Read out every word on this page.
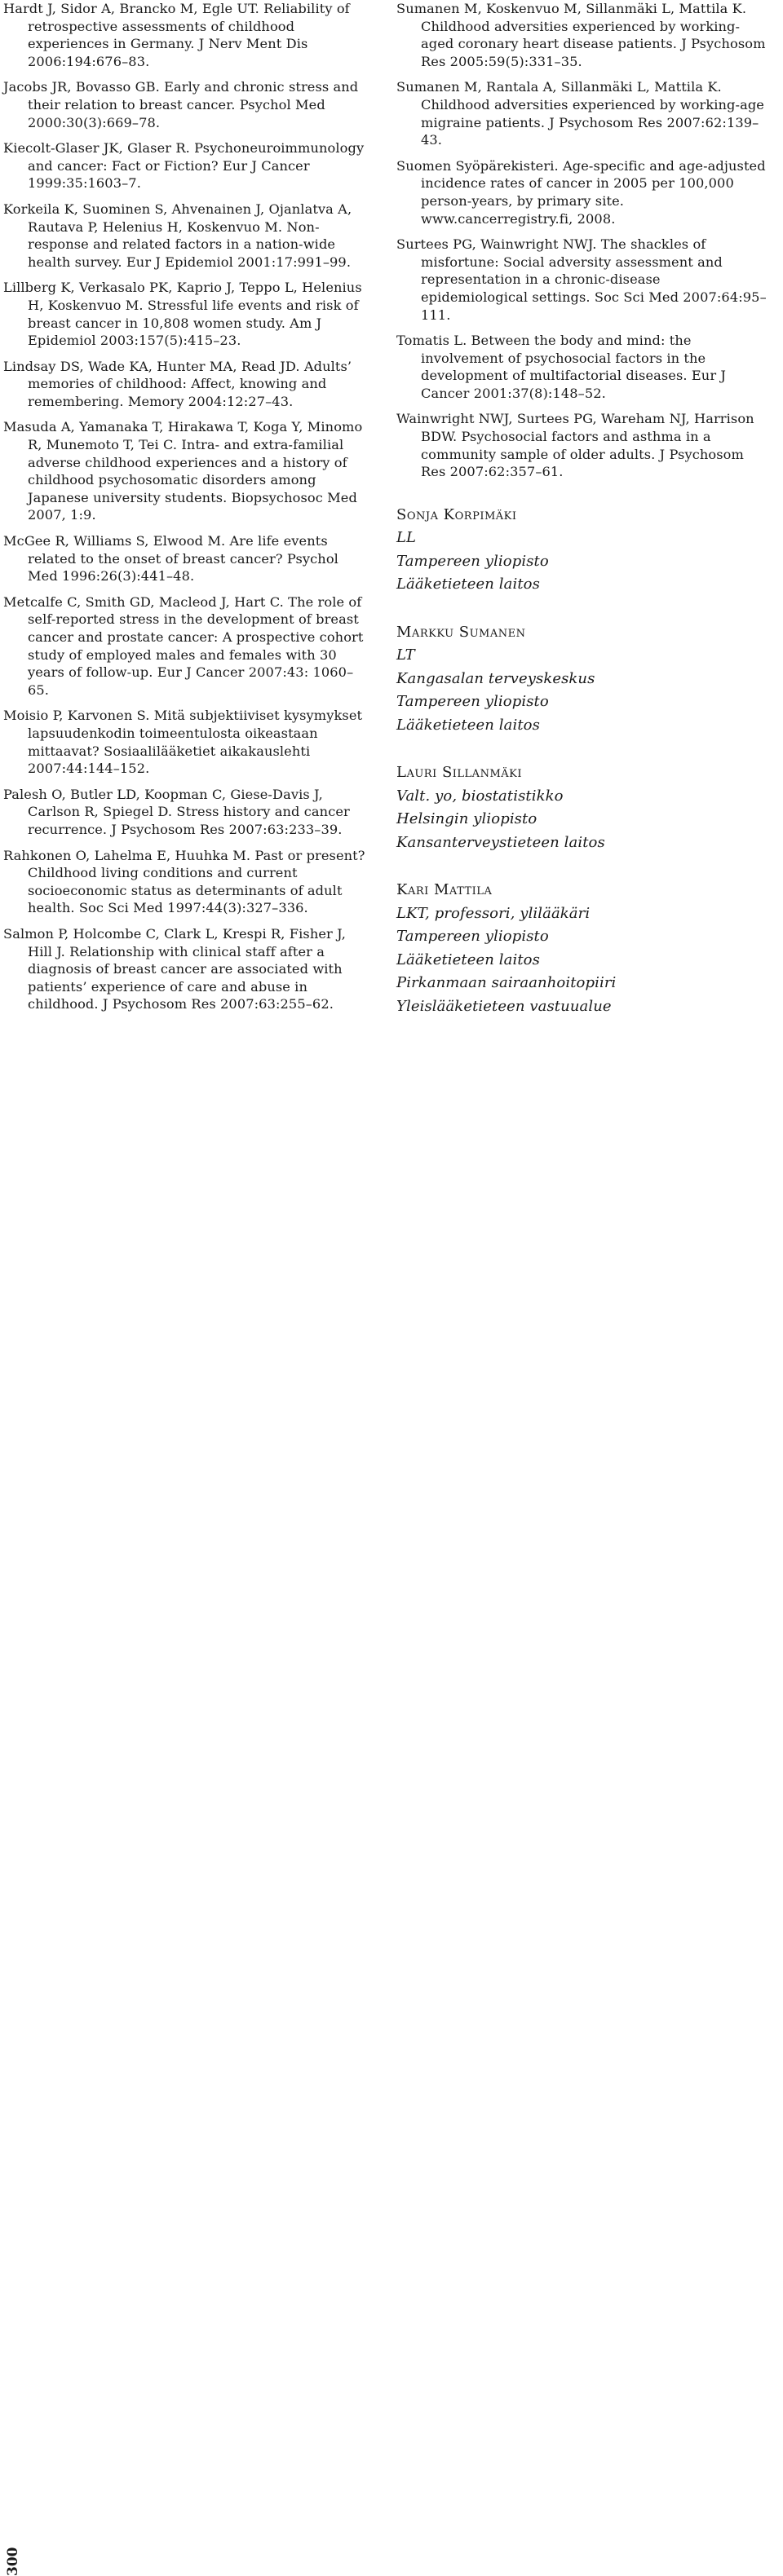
Hardt J, Sidor A, Brancko M, Egle UT. Reliability of retrospective assessments of childhood experiences in Germany. J Nerv Ment Dis 2006:194:676–83.
Jacobs JR, Bovasso GB. Early and chronic stress and their relation to breast cancer. Psychol Med 2000:30(3):669–78.
Kiecolt-Glaser JK, Glaser R. Psychoneuroimmunology and cancer: Fact or Fiction? Eur J Cancer 1999:35:1603–7.
Korkeila K, Suominen S, Ahvenainen J, Ojanlatva A, Rautava P, Helenius H, Koskenvuo M. Non-response and related factors in a nation-wide health survey. Eur J Epidemiol 2001:17:991–99.
Lillberg K, Verkasalo PK, Kaprio J, Teppo L, Helenius H, Koskenvuo M. Stressful life events and risk of breast cancer in 10,808 women study. Am J Epidemiol 2003:157(5):415–23.
Lindsay DS, Wade KA, Hunter MA, Read JD. Adults’ memories of childhood: Affect, knowing and remembering. Memory 2004:12:27–43.
Masuda A, Yamanaka T, Hirakawa T, Koga Y, Minomo R, Munemoto T, Tei C. Intra- and extra-familial adverse childhood experiences and a history of childhood psychosomatic disorders among Japanese university students. Biopsychosoc Med 2007, 1:9.
McGee R, Williams S, Elwood M. Are life events related to the onset of breast cancer? Psychol Med 1996:26(3):441–48.
Metcalfe C, Smith GD, Macleod J, Hart C. The role of self-reported stress in the development of breast cancer and prostate cancer: A prospective cohort study of employed males and females with 30 years of follow-up. Eur J Cancer 2007:43: 1060–65.
Moisio P, Karvonen S. Mitä subjektiiviset kysymykset lapsuudenkodin toimeentulosta oikeastaan mittaavat? Sosiaalilääketiet aikakauslehti 2007:44:144–152.
Palesh O, Butler LD, Koopman C, Giese-Davis J, Carlson R, Spiegel D. Stress history and cancer recurrence. J Psychosom Res 2007:63:233–39.
Rahkonen O, Lahelma E, Huuhka M. Past or present? Childhood living conditions and current socioeconomic status as determinants of adult health. Soc Sci Med 1997:44(3):327–336.
Salmon P, Holcombe C, Clark L, Krespi R, Fisher J, Hill J. Relationship with clinical staff after a diagnosis of breast cancer are associated with patients’ experience of care and abuse in childhood. J Psychosom Res 2007:63:255–62.
Sumanen M, Koskenvuo M, Sillanmäki L, Mattila K. Childhood adversities experienced by working-aged coronary heart disease patients. J Psychosom Res 2005:59(5):331–35.
Sumanen M, Rantala A, Sillanmäki L, Mattila K. Childhood adversities experienced by working-age migraine patients. J Psychosom Res 2007:62:139–43.
Suomen Syöpärekisteri. Age-specific and age-adjusted incidence rates of cancer in 2005 per 100,000 person-years, by primary site. www.cancerregistry.fi, 2008.
Surtees PG, Wainwright NWJ. The shackles of misfortune: Social adversity assessment and representation in a chronic-disease epidemiological settings. Soc Sci Med 2007:64:95–111.
Tomatis L. Between the body and mind: the involvement of psychosocial factors in the development of multifactorial diseases. Eur J Cancer 2001:37(8):148–52.
Wainwright NWJ, Surtees PG, Wareham NJ, Harrison BDW. Psychosocial factors and asthma in a community sample of older adults. J Psychosom Res 2007:62:357–61.
Sonja Korpimäki
LL
Tampereen yliopisto
Lääketieteen laitos
Markku Sumanen
LT
Kangasalan terveyskeskus
Tampereen yliopisto
Lääketieteen laitos
Lauri Sillanmäki
Valt. yo, biostatistikko
Helsingin yliopisto
Kansanterveystieteen laitos
Kari Mattila
LKT, professori, ylilääkäri
Tampereen yliopisto
Lääketieteen laitos
Pirkanmaan sairaanhoitopiiri
Yleislääketieteen vastuualue
300
